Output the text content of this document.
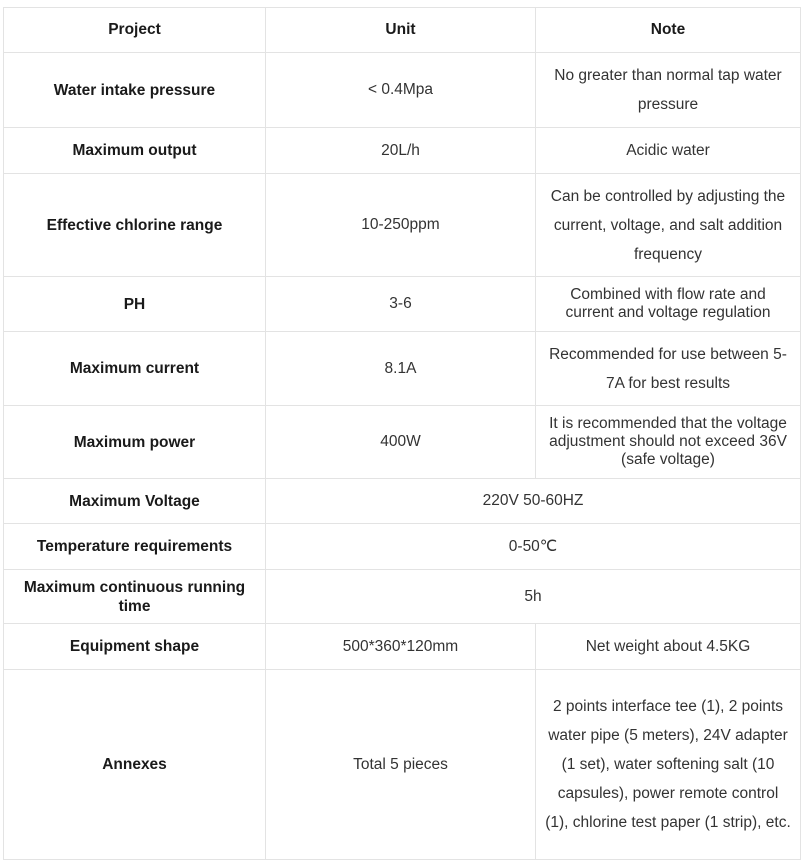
Project	Unit	Note
Water intake pressure	< 0.4Mpa	No greater than normal tap water pressure
Maximum output	20L/h	Acidic water
Effective chlorine range	10-250ppm	Can be controlled by adjusting the current, voltage, and salt addition frequency
PH	3-6	Combined with flow rate and current and voltage regulation
Maximum current	8.1A	Recommended for use between 5-7A for best results
Maximum power	400W	It is recommended that the voltage adjustment should not exceed 36V (safe voltage)
Maximum Voltage	220V 50-60HZ	
Temperature requirements	0-50℃	
Maximum continuous running time	5h	
Equipment shape	500*360*120mm	Net weight about 4.5KG
Annexes	Total 5 pieces	2 points interface tee (1), 2 points water pipe (5 meters), 24V adapter (1 set), water softening salt (10 capsules), power remote control (1), chlorine test paper (1 strip), etc.
